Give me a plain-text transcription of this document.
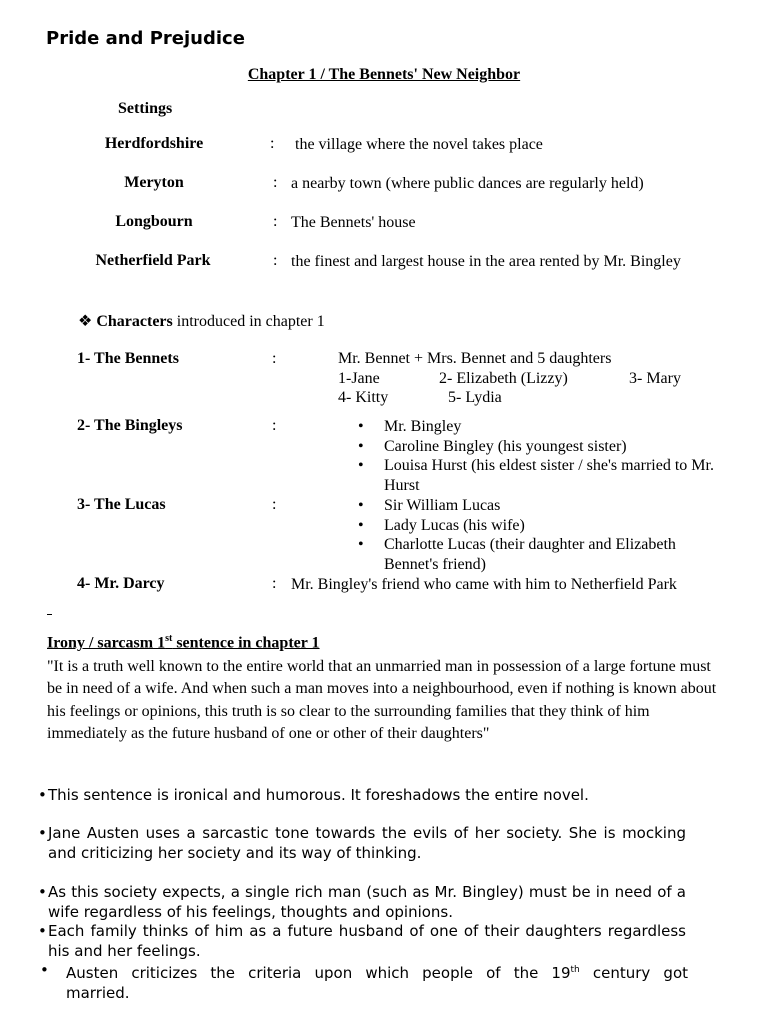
Pride and Prejudice
Chapter 1 / The Bennets' New Neighbor
Settings
Herdfordshire	: the village where the novel takes place
Meryton	: a nearby town (where public dances are regularly held)
Longbourn	: The Bennets' house
Netherfield Park	: the finest and largest house in the area rented by Mr. Bingley
❖ Characters introduced in chapter 1
1- The Bennets	:	Mr. Bennet + Mrs. Bennet and 5 daughters
1-Jane	2- Elizabeth (Lizzy)	3- Mary
4- Kitty	5- Lydia
2- The Bingleys	:	• Mr. Bingley
• Caroline Bingley (his youngest sister)
• Louisa Hurst (his eldest sister / she's married to Mr. Hurst
3- The Lucas	:	• Sir William Lucas
• Lady Lucas (his wife)
• Charlotte Lucas (their daughter and Elizabeth Bennet's friend)
4- Mr. Darcy	: Mr. Bingley's friend who came with him to Netherfield Park
Irony / sarcasm 1st sentence in chapter 1
"It is a truth well known to the entire world that an unmarried man in possession of a large fortune must be in need of a wife. And when such a man moves into a neighbourhood, even if nothing is known about his feelings or opinions, this truth is so clear to the surrounding families that they think of him immediately as the future husband of one or other of their daughters"
• This sentence is ironical and humorous. It foreshadows the entire novel.
• Jane Austen uses a sarcastic tone towards the evils of her society. She is mocking and criticizing her society and its way of thinking.
• As this society expects, a single rich man (such as Mr. Bingley) must be in need of a wife regardless of his feelings, thoughts and opinions.
• Each family thinks of him as a future husband of one of their daughters regardless his and her feelings.
• Austen criticizes the criteria upon which people of the 19th century got married.
